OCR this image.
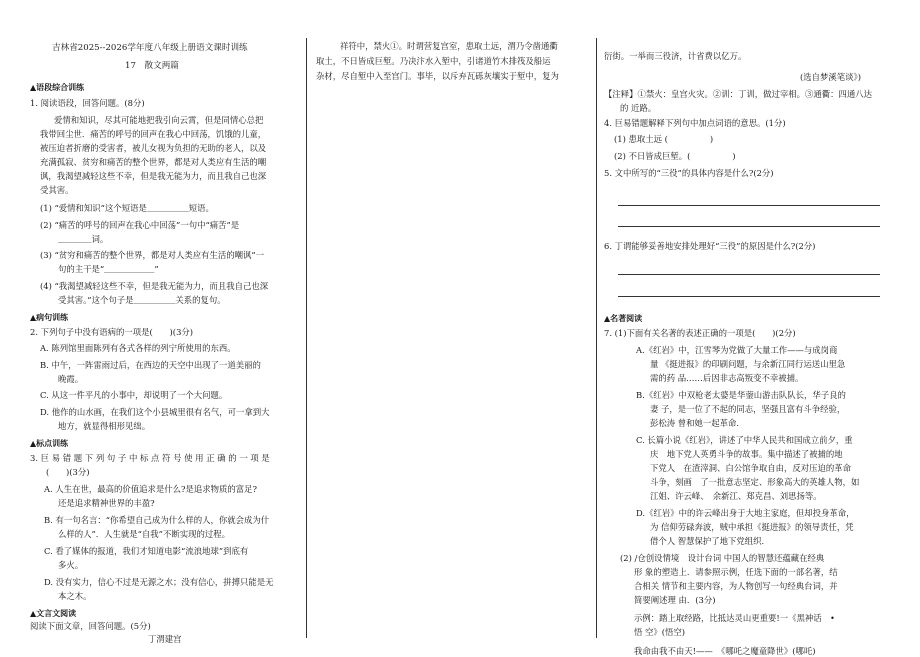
吉林省2025--2026学年度八年级上册语文课时训练
17　散文两篇
▲语段综合训练
1. 阅读语段，回答问题。(8分)
爱情和知识，尽其可能地把我引向云霄，但是同情心总把
我带回尘世．痛苦的呼号的回声在我心中回荡，饥饿的儿童，
被压迫者折磨的受害者，被儿女视为负担的无助的老人，以及
充满孤寂、贫穷和痛苦的整个世界，都是对人类应有生活的嘲
讽，我渴望减轻这些不幸，但是我无能为力，而且我自己也深
受其害。
(1) “爱情和知识”这个短语是＿＿＿＿＿短语。
(2) “痛苦的呼号的回声在我心中回荡”一句中“痛苦”是
＿＿＿＿词。
(3) “贫穷和痛苦的整个世界，都是对人类应有生活的嘲讽”一
句的主干是“＿＿＿＿＿＿”
(4) “我渴望减轻这些不幸，但是我无能为力，而且我自己也深
受其害。”这个句子是＿＿＿＿＿关系的复句。
▲病句训练
2. 下列句子中没有语病的一项是(　　)(3分)
A. 陈列馆里面陈列有各式各样的列宁所使用的东西。
B. 中午，一阵雷雨过后，在西边的天空中出现了一道美丽的
晚霞。
C. 从这一件平凡的小事中，却说明了一个大问题。
D. 他作的山水画，在我们这个小县城里很有名气，可一拿到大
地方，就显得相形见绌。
▲标点训练
3. 巨 易 错 题 下 列 句 子 中 标 点 符 号 使 用 正 确 的 一 项 是
(　　)(3分)
A. 人生在世，最高的价值追求是什么?是追求物质的富足?
还是追求精神世界的丰盈?
B. 有一句名言：“你希望自己成为什么样的人，你就会成为什
么样的人”．人生就是“自我”不断实现的过程。
C. 看了媒体的报道，我们才知道电影“流浪地球”到底有
多火。
D. 没有实力，信心不过是无源之水；没有信心，拼搏只能是无
本之木。
▲文言文阅读
阅读下面文章，回答问题。(5分)
丁渭建宫
祥符中，禁火①。时谓营复宫室，患取土远，渭乃令凿通衢
取土，不日皆成巨堑。乃决汴水入堑中，引诸道竹木排筏及船运
杂材，尽自堑中入至宫门。事毕，以斥弃瓦砾灰壤实于堑中，复为
衍街。一举而三役济，计省费以亿万。
(选自梦溪笔谈》)
【注释】①禁火：皇宫火灾。②训：丁训，做过宰相。③通衢：四通八达
的 近路。
4. 巨易错题解释下列句中加点词语的意思。(1分)
(1) 患取土远 (　　　　　)
(2) 不日皆成巨堑。(　　　　　)
5. 文中所写的“三役”的具体内容是什么?(2分)
6. 丁谓能够妥善地安排处理好“三役”的原因是什么?(2分)
▲名著阅读
7. (1)下面有关名著的表述正确的一项是(　　)(2分)
A.《红岩》中，江雪琴为党做了大量工作——与成岗商
量 《挺进报》的印刷问题，与余新江同行运送山里急
需的药 品……后因非志高叛变不幸被捕。
B.《红岩》中双枪老太婆是华蓥山游击队队长，华子良的
妻 子，是一位了不起的同志，坚强且富有斗争经验，
彭松涛 曾和她一起革命．
C. 长篇小说《红岩》，讲述了中华人民共和国成立前夕，重
庆　地下党人英勇斗争的故事。集中描述了被捕的地
下党人　在渣滓洞、白公馆争取自由，反对压迫的革命
斗争，刻画　了一批意志坚定、形象高大的英雄人物，如
江姐、许云峰、　余新江、郑克昌、刘思扬等。
D.《红岩》中的许云峰出身于大地主家庭，但却投身革命，
为 信仰劳碌奔波，贼中承担《挺进报》的领导责任，凭
借个人 智慧保护了地下党组织．
(2) /仓创设情境　设计台词 中国人的智慧还蕴藏在经典
形 象的塑造上．请参照示例，任选下面的一部名著，结
合相关 情节和主要内容，为人物创写一句经典台词，并
简要阐述理 由．(3分)
示例：踏上取经路，比抵达灵山更重要!一《黑神话　•
悟 空》(悟空)
我命由我不由天!——　《哪吒之魔童降世》(哪吒)
